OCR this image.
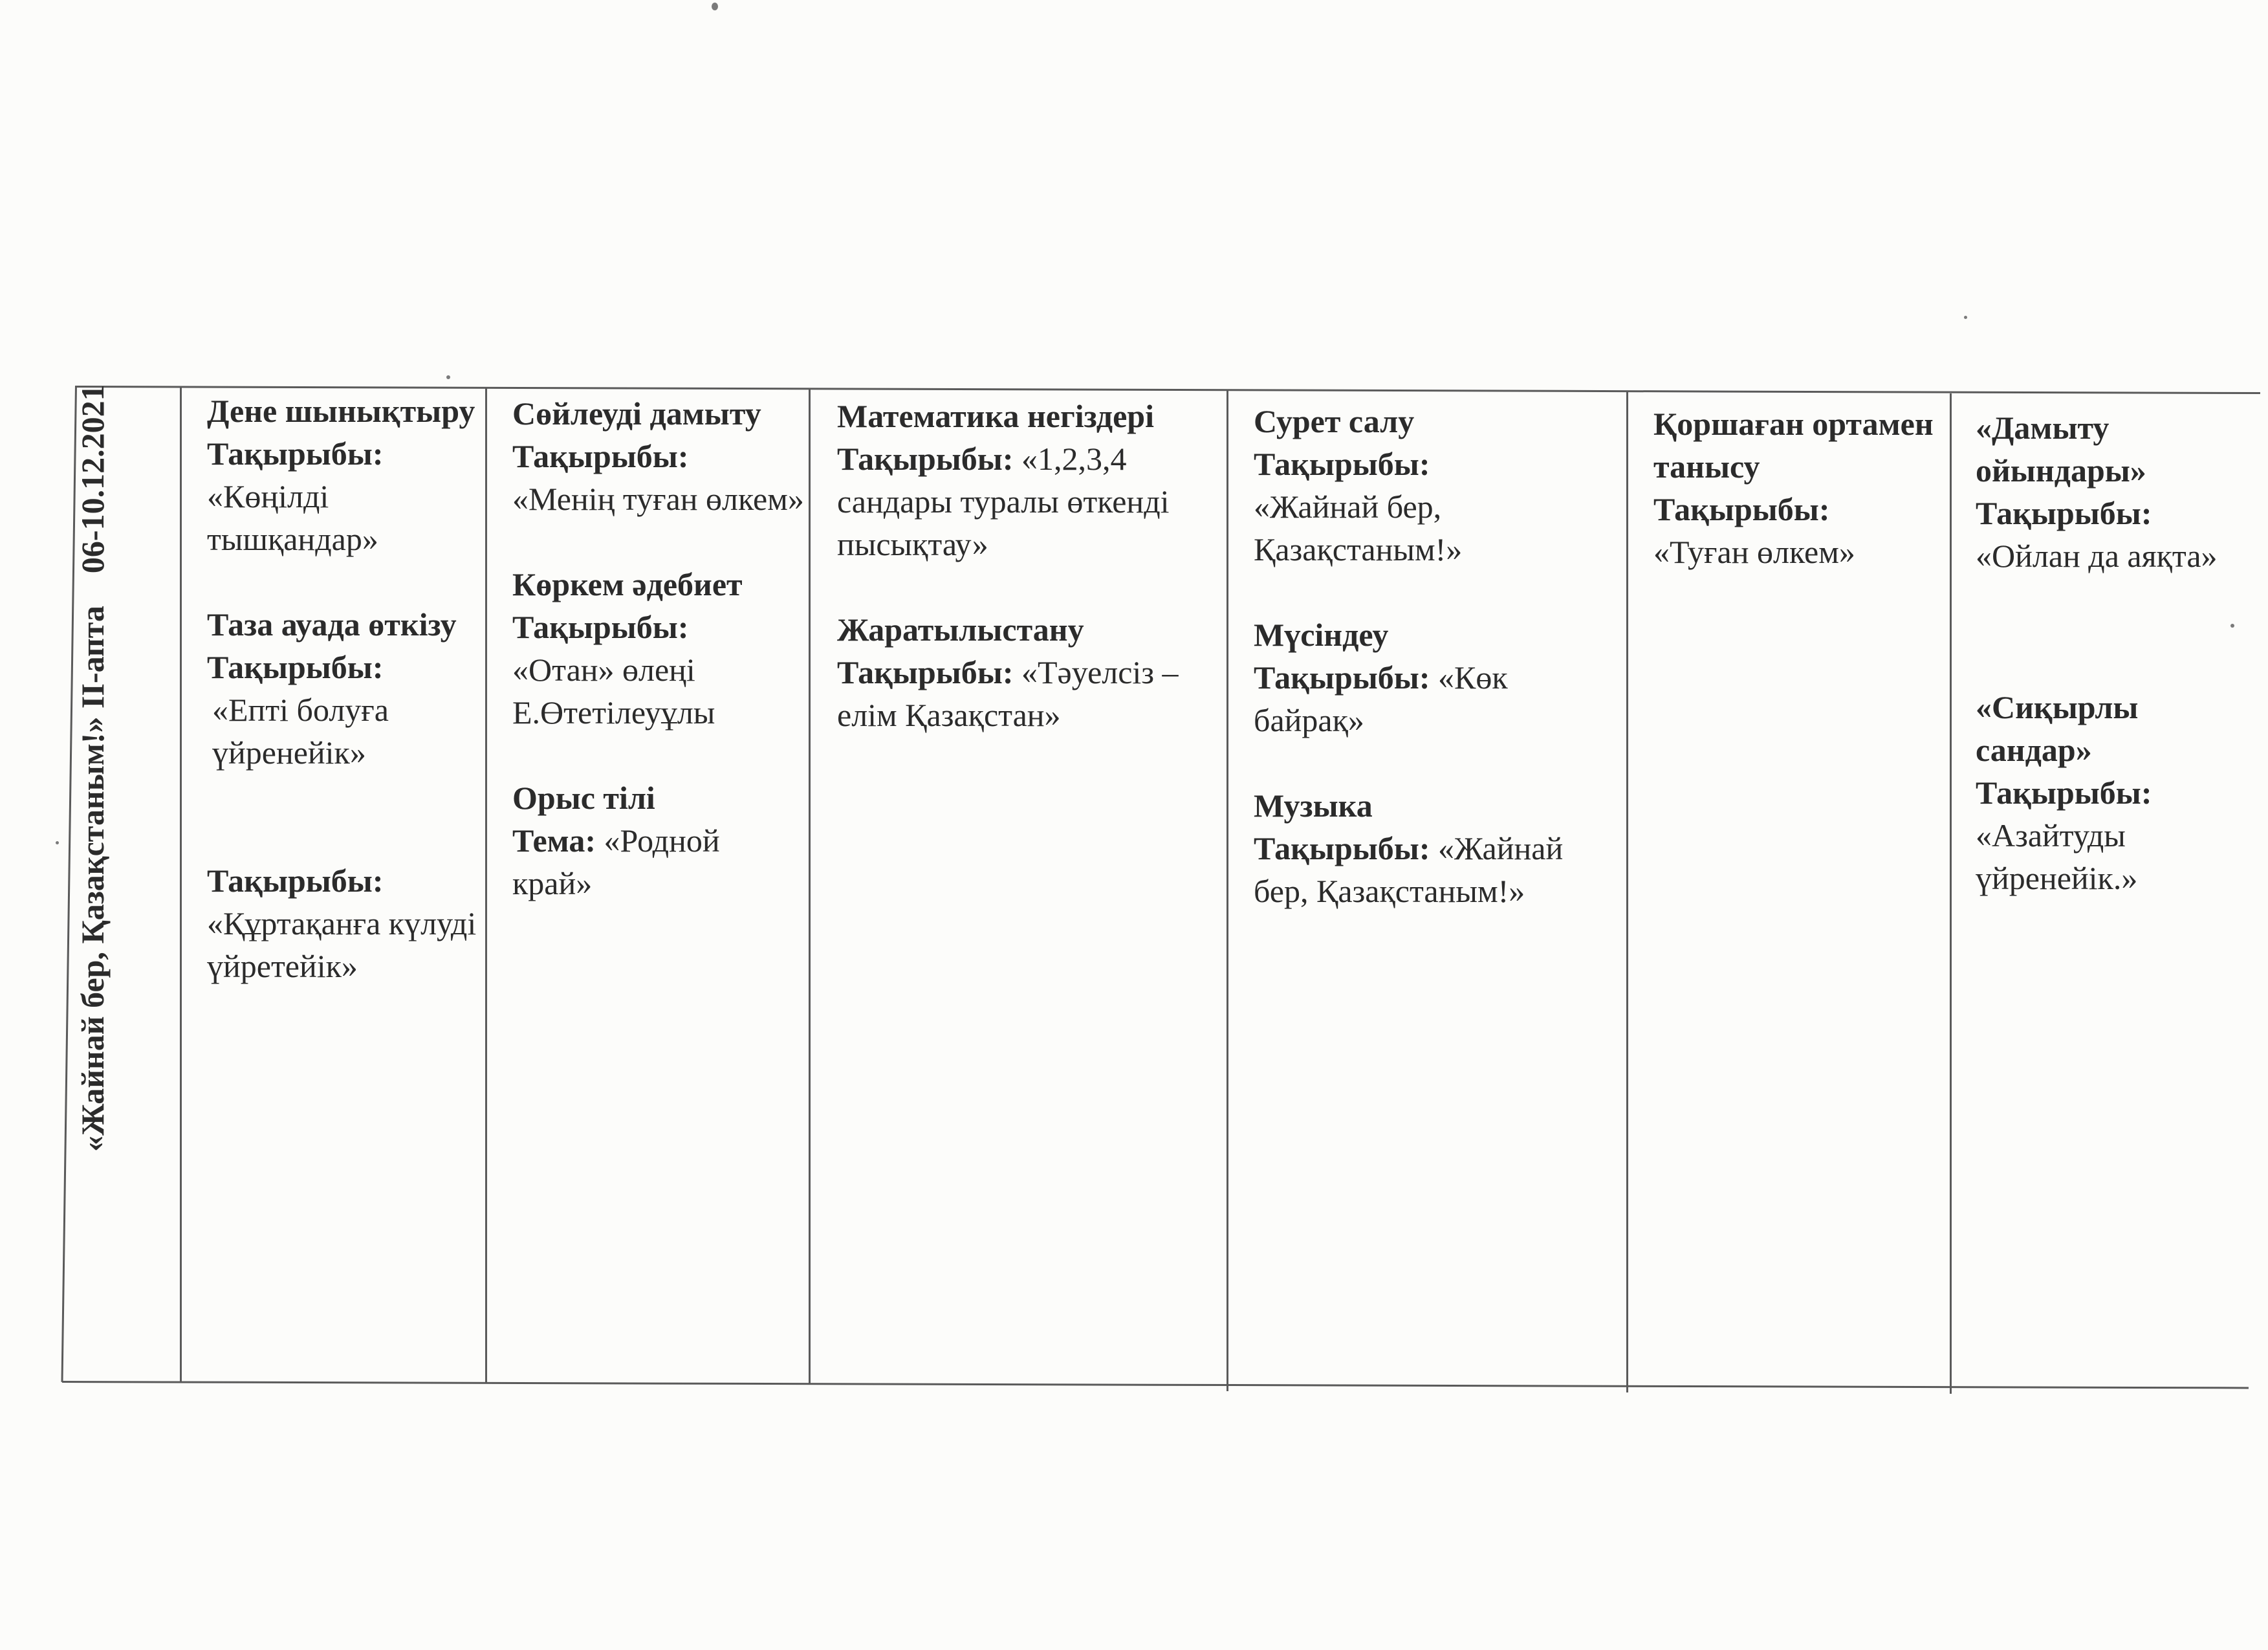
«Жайнай бер, Қазақстаным!» ІІ-апта    06-10.12.2021	Дене шынықтыру
Тақырыбы:
«Көңілді тышқандар»
Таза ауада өткізу
Тақырыбы:
«Епті болуға үйренейік»
Тақырыбы:
«Құртақанға күлуді үйретейік»
Сөйлеуді дамыту
Тақырыбы:
«Менің туған өлкем»
Көркем әдебиет
Тақырыбы:
«Отан» өлеңі Е.Өтетілеуұлы
Орыс тілі
Тема: «Родной край»
Математика негіздері
Тақырыбы: «1,2,3,4 сандары туралы өткенді пысықтау»
Жаратылыстану
Тақырыбы: «Тәуелсіз – елім Қазақстан»
Сурет салу
Тақырыбы:
«Жайнай бер, Қазақстаным!»
Мүсіндеу
Тақырыбы: «Көк байрақ»
Музыка
Тақырыбы: «Жайнай бер, Қазақстаным!»
Қоршаған ортамен танысу
Тақырыбы:
«Туған өлкем»
«Дамыту ойындары»
Тақырыбы:
«Ойлан да аяқта»
«Сиқырлы сандар»
Тақырыбы:
«Азайтуды үйренейік.»
